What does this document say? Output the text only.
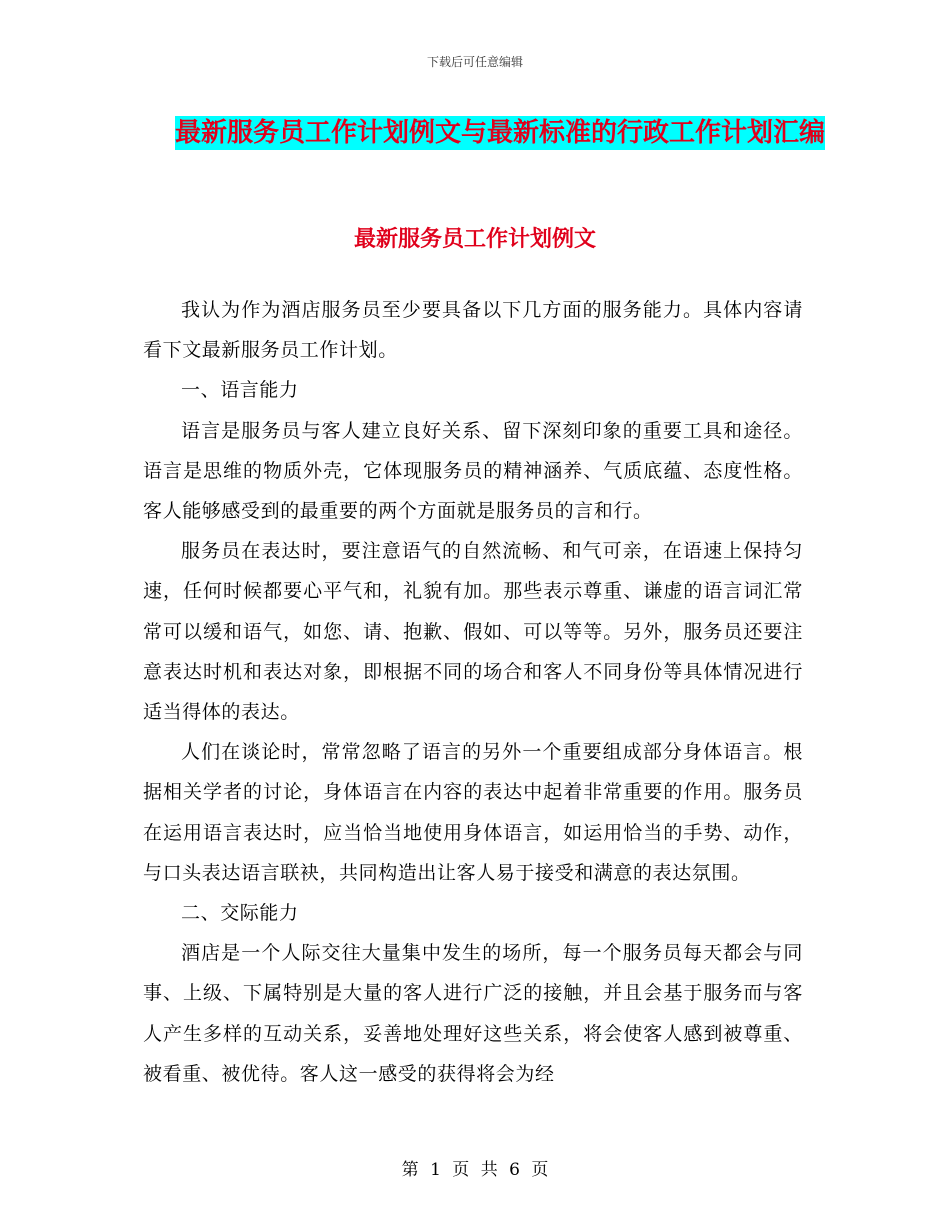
下载后可任意编辑
最新服务员工作计划例文与最新标准的行政工作计划汇编
最新服务员工作计划例文

我认为作为酒店服务员至少要具备以下几方面的服务能力。具体内容请看下文最新服务员工作计划。

一、语言能力

语言是服务员与客人建立良好关系、留下深刻印象的重要工具和途径。语言是思维的物质外壳，它体现服务员的精神涵养、气质底蕴、态度性格。客人能够感受到的最重要的两个方面就是服务员的言和行。

服务员在表达时，要注意语气的自然流畅、和气可亲，在语速上保持匀速，任何时候都要心平气和，礼貌有加。那些表示尊重、谦虚的语言词汇常常可以缓和语气，如您、请、抱歉、假如、可以等等。另外，服务员还要注意表达时机和表达对象，即根据不同的场合和客人不同身份等具体情况进行适当得体的表达。

人们在谈论时，常常忽略了语言的另外一个重要组成部分身体语言。根据相关学者的讨论，身体语言在内容的表达中起着非常重要的作用。服务员在运用语言表达时，应当恰当地使用身体语言，如运用恰当的手势、动作，与口头表达语言联袂，共同构造出让客人易于接受和满意的表达氛围。

二、交际能力

酒店是一个人际交往大量集中发生的场所，每一个服务员每天都会与同事、上级、下属特别是大量的客人进行广泛的接触，并且会基于服务而与客人产生多样的互动关系，妥善地处理好这些关系，将会使客人感到被尊重、被看重、被优待。客人这一感受的获得将会为经

第 1 页 共 6 页
